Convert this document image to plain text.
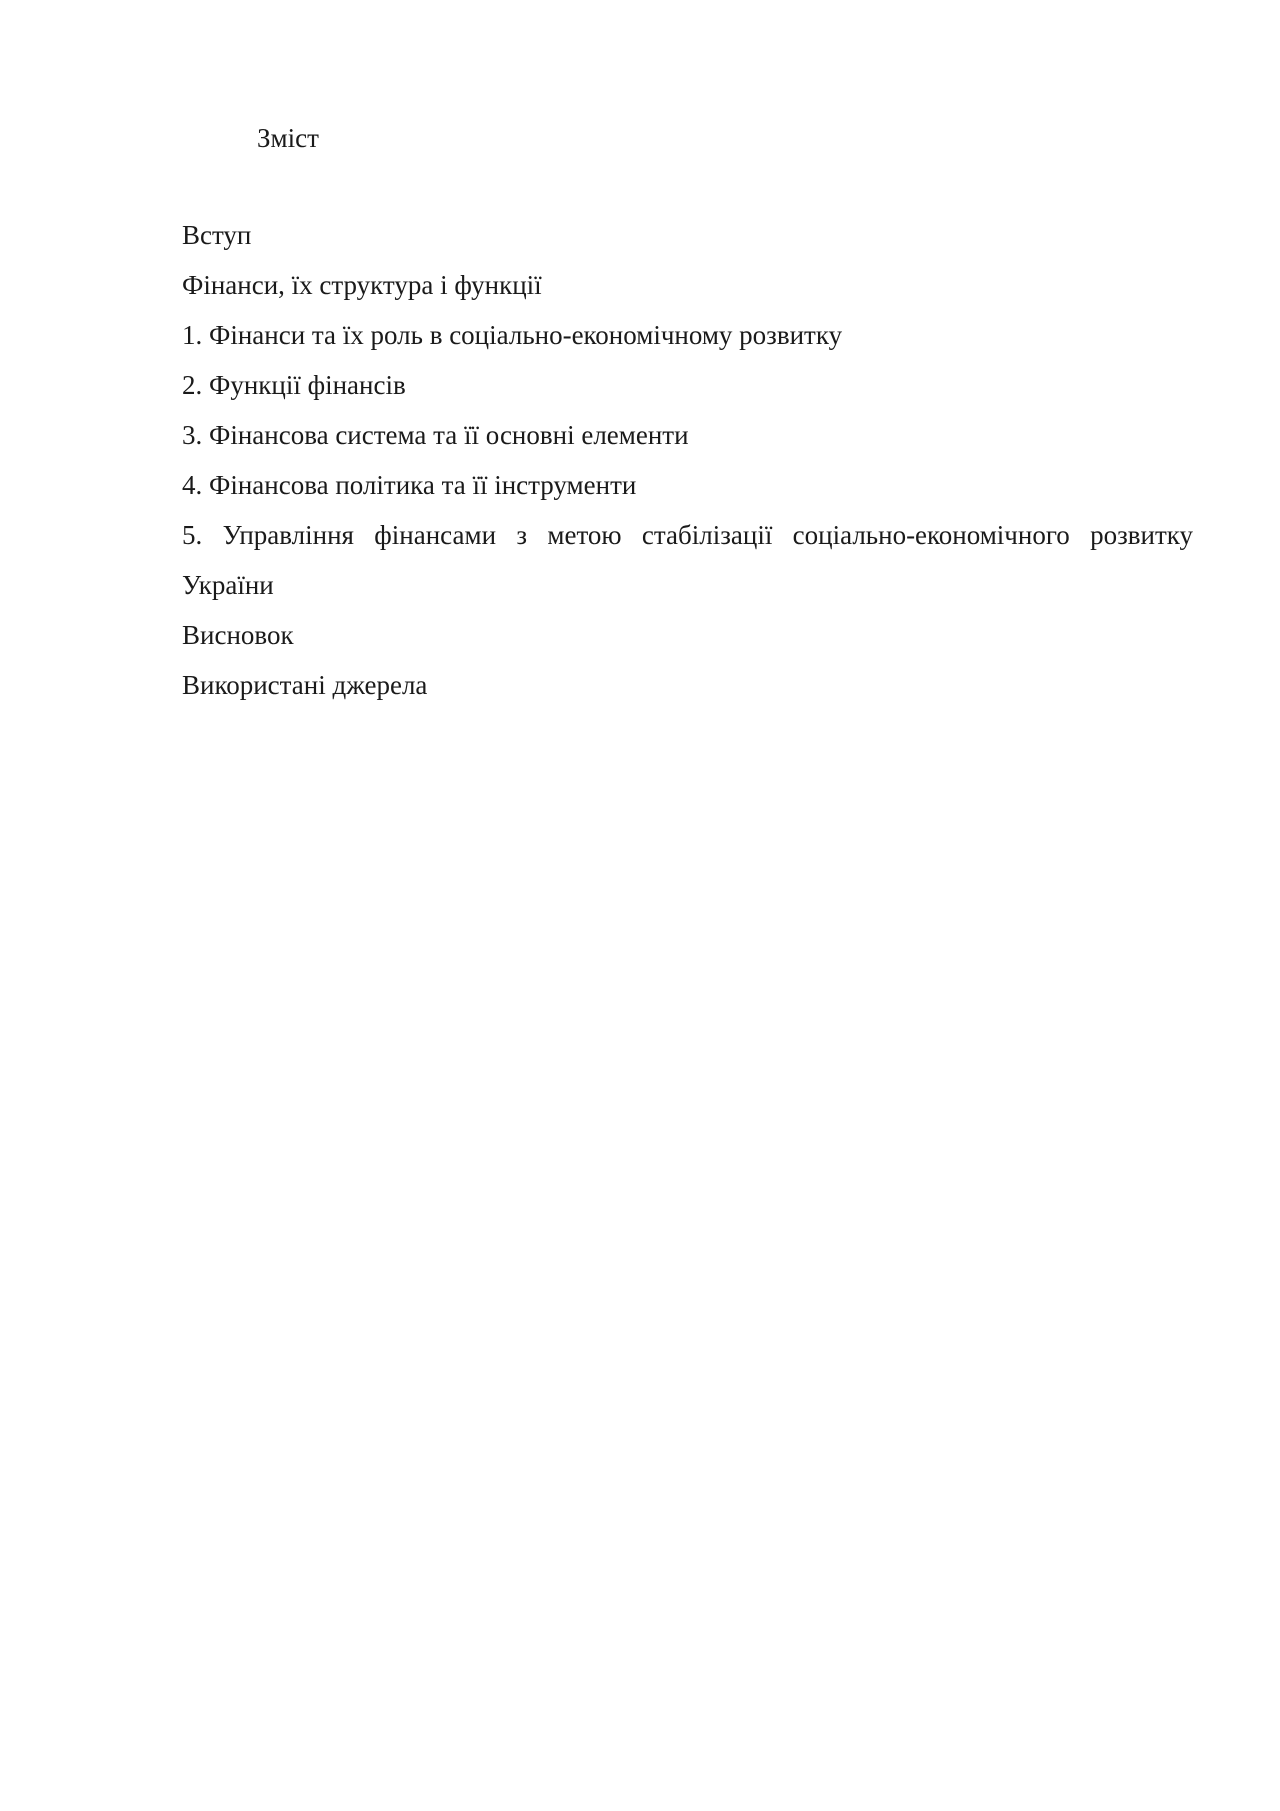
Зміст
Вступ
Фінанси, їх структура і функції
1. Фінанси та їх роль в соціально-економічному розвитку
2. Функції фінансів
3. Фінансова система та її основні елементи
4. Фінансова політика та її інструменти
5. Управління фінансами з метою стабілізації соціально-економічного розвитку України
Висновок
Використані джерела
